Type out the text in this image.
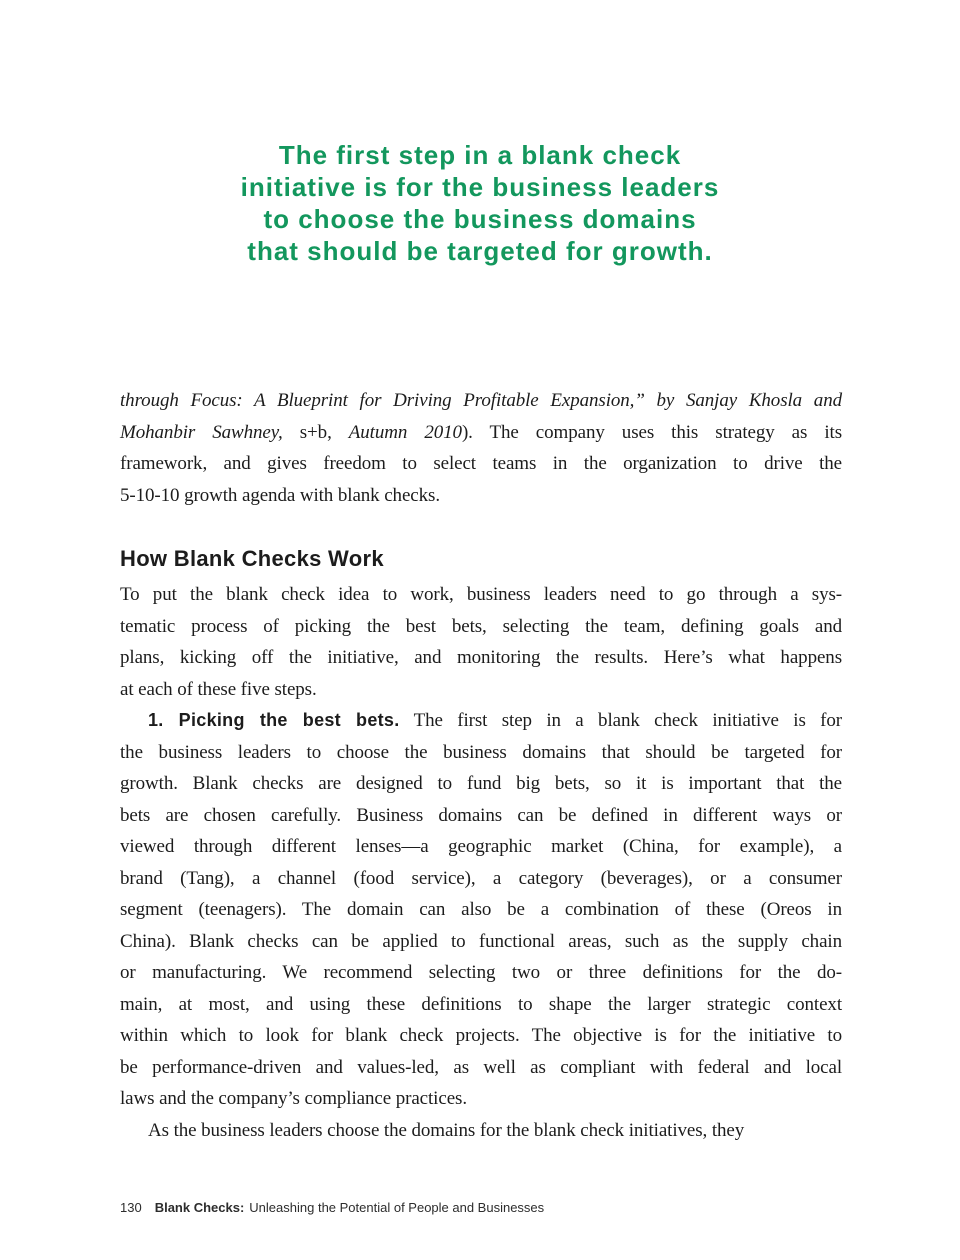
The first step in a blank check
initiative is for the business leaders
to choose the business domains
that should be targeted for growth.
through Focus: A Blueprint for Driving Profitable Expansion,” by Sanjay Khosla and
Mohanbir Sawhney, s+b, Autumn 2010). The company uses this strategy as its
framework, and gives freedom to select teams in the organization to drive the
5-10-10 growth agenda with blank checks.
How Blank Checks Work
To put the blank check idea to work, business leaders need to go through a sys-
tematic process of picking the best bets, selecting the team, defining goals and
plans, kicking off the initiative, and monitoring the results. Here’s what happens
at each of these five steps.
1. Picking the best bets. The first step in a blank check initiative is for
the business leaders to choose the business domains that should be targeted for
growth. Blank checks are designed to fund big bets, so it is important that the
bets are chosen carefully. Business domains can be defined in different ways or
viewed through different lenses—a geographic market (China, for example), a
brand (Tang), a channel (food service), a category (beverages), or a consumer
segment (teenagers). The domain can also be a combination of these (Oreos in
China). Blank checks can be applied to functional areas, such as the supply chain
or manufacturing. We recommend selecting two or three definitions for the do-
main, at most, and using these definitions to shape the larger strategic context
within which to look for blank check projects. The objective is for the initiative to
be performance-driven and values-led, as well as compliant with federal and local
laws and the company’s compliance practices.
As the business leaders choose the domains for the blank check initiatives, they
130 Blank Checks: Unleashing the Potential of People and Businesses
